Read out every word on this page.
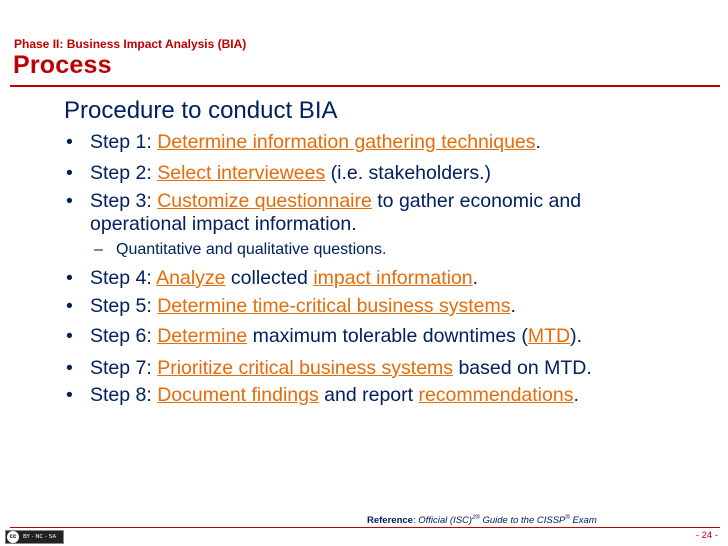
Phase II: Business Impact Analysis (BIA)
Process
Procedure to conduct BIA
• Step 1: Determine information gathering techniques.
• Step 2: Select interviewees (i.e. stakeholders.)
• Step 3: Customize questionnaire to gather economic and
operational impact information.
– Quantitative and qualitative questions.
• Step 4: Analyze collected impact information.
• Step 5: Determine time-critical business systems.
• Step 6: Determine maximum tolerable downtimes (MTD).
• Step 7: Prioritize critical business systems based on MTD.
• Step 8: Document findings and report recommendations.
Reference: Official (ISC)$^{2®}$ Guide to the CISSP® Exam
- 24 -
cc	BY - NC - SA
